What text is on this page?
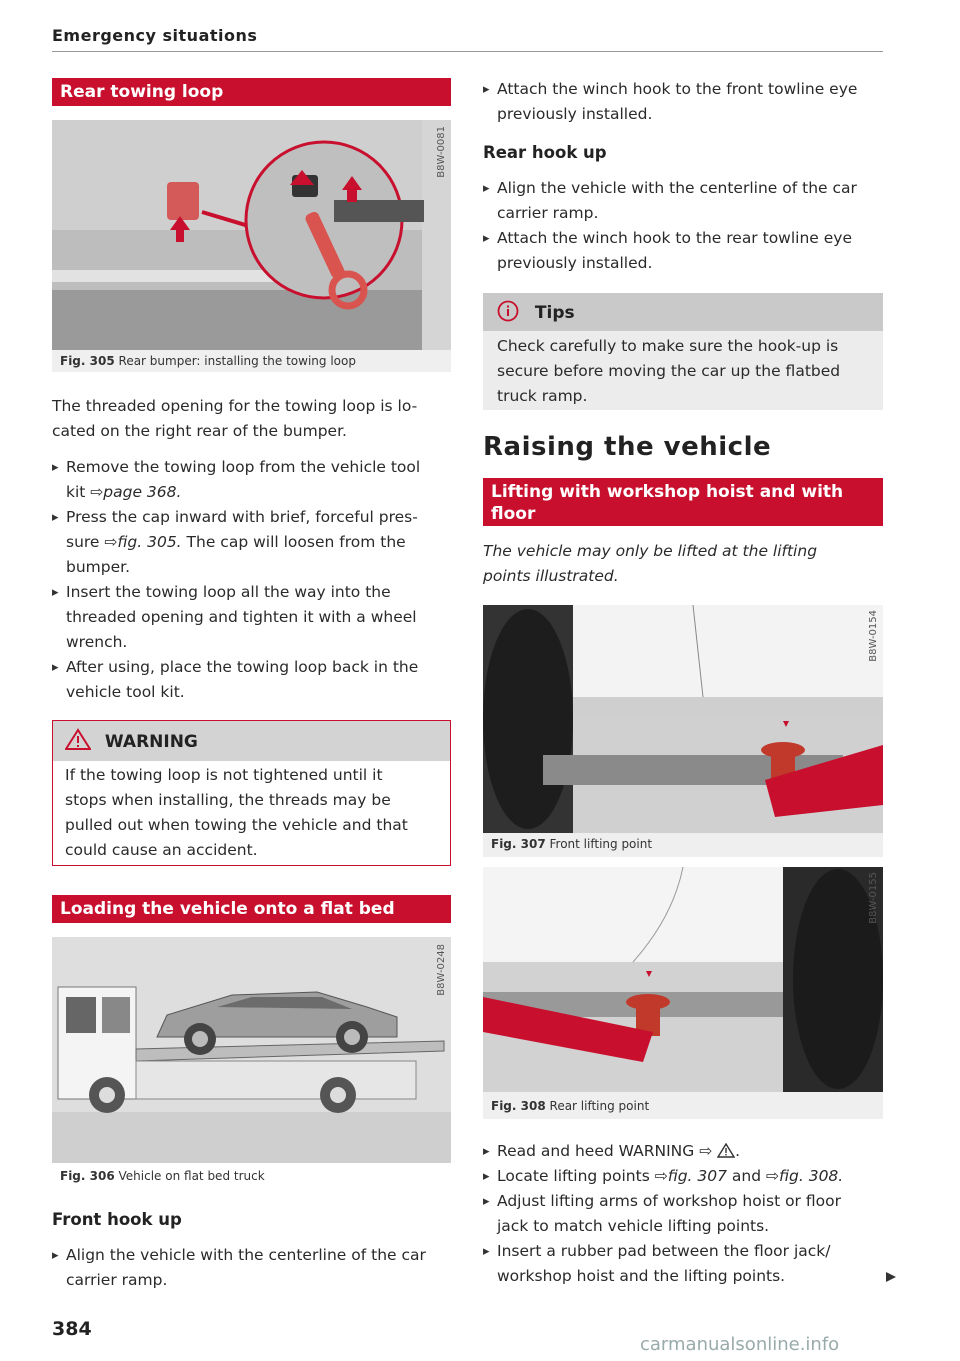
Emergency situations
Rear towing loop
B8W-0081
Fig. 305 Rear bumper: installing the towing loop
The threaded opening for the towing loop is lo-
cated on the right rear of the bumper.
▸ Remove the towing loop from the vehicle tool
kit ⇨page 368.
▸ Press the cap inward with brief, forceful pres-
sure ⇨fig. 305. The cap will loosen from the
bumper.
▸ Insert the towing loop all the way into the
threaded opening and tighten it with a wheel
wrench.
▸ After using, place the towing loop back in the
vehicle tool kit.
WARNING
If the towing loop is not tightened until it
stops when installing, the threads may be
pulled out when towing the vehicle and that
could cause an accident.
Loading the vehicle onto a flat bed
B8W-0248
Fig. 306 Vehicle on flat bed truck
Front hook up
▸ Align the vehicle with the centerline of the car
carrier ramp.
384
▸ Attach the winch hook to the front towline eye
previously installed.
Rear hook up
▸ Align the vehicle with the centerline of the car
carrier ramp.
▸ Attach the winch hook to the rear towline eye
previously installed.
Tips
Check carefully to make sure the hook-up is
secure before moving the car up the flatbed
truck ramp.
Raising the vehicle
Lifting with workshop hoist and with floor
jack
The vehicle may only be lifted at the lifting
points illustrated.
B8W-0154
Fig. 307 Front lifting point
B8W-0155
Fig. 308 Rear lifting point
▸ Read and heed WARNING ⇨ .
▸ Locate lifting points ⇨fig. 307 and ⇨fig. 308.
▸ Adjust lifting arms of workshop hoist or floor
jack to match vehicle lifting points.
▸ Insert a rubber pad between the floor jack/
workshop hoist and the lifting points.
carmanualsonline.info
